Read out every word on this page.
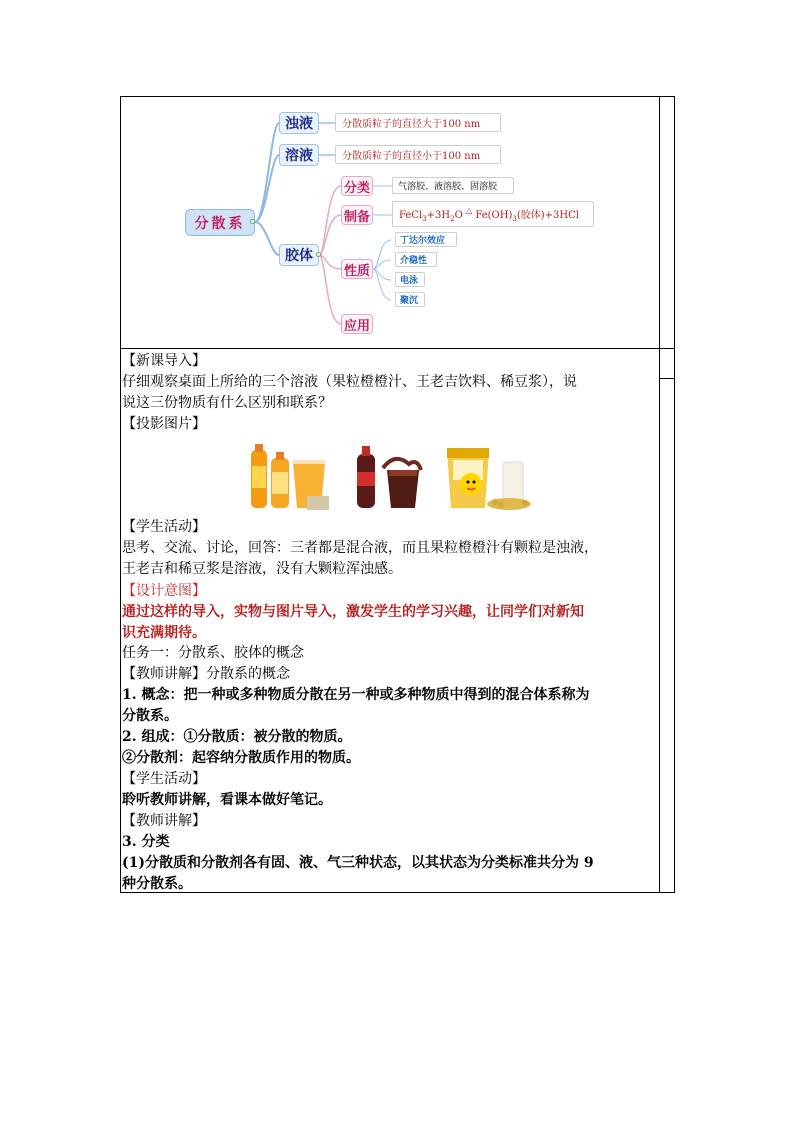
分散系
浊液	分散质粒子的直径大于100 nm
溶液	分散质粒子的直径小于100 nm
胶体
分类	气溶胶、液溶胶、固溶胶
制备	$FeCl_3+3H_2O$ △ $Fe(OH)_3$(胶体)+3HCl
性质
丁达尔效应
介稳性
电泳
聚沉
应用
【新课导入】
仔细观察桌面上所给的三个溶液（果粒橙橙汁、王老吉饮料、稀豆浆），说
说这三份物质有什么区别和联系？
【投影图片】
【学生活动】
思考、交流、讨论，回答：三者都是混合液，而且果粒橙橙汁有颗粒是浊液，
王老吉和稀豆浆是溶液，没有大颗粒浑浊感。
【设计意图】
通过这样的导入，实物与图片导入，激发学生的学习兴趣，让同学们对新知
识充满期待。
任务一：分散系、胶体的概念
【教师讲解】分散系的概念
1. 概念：把一种或多种物质分散在另一种或多种物质中得到的混合体系称为
分散系。
2. 组成：①分散质：被分散的物质。
②分散剂：起容纳分散质作用的物质。
【学生活动】
聆听教师讲解，看课本做好笔记。
【教师讲解】
3. 分类
(1)分散质和分散剂各有固、液、气三种状态，以其状态为分类标准共分为 9
种分散系。
